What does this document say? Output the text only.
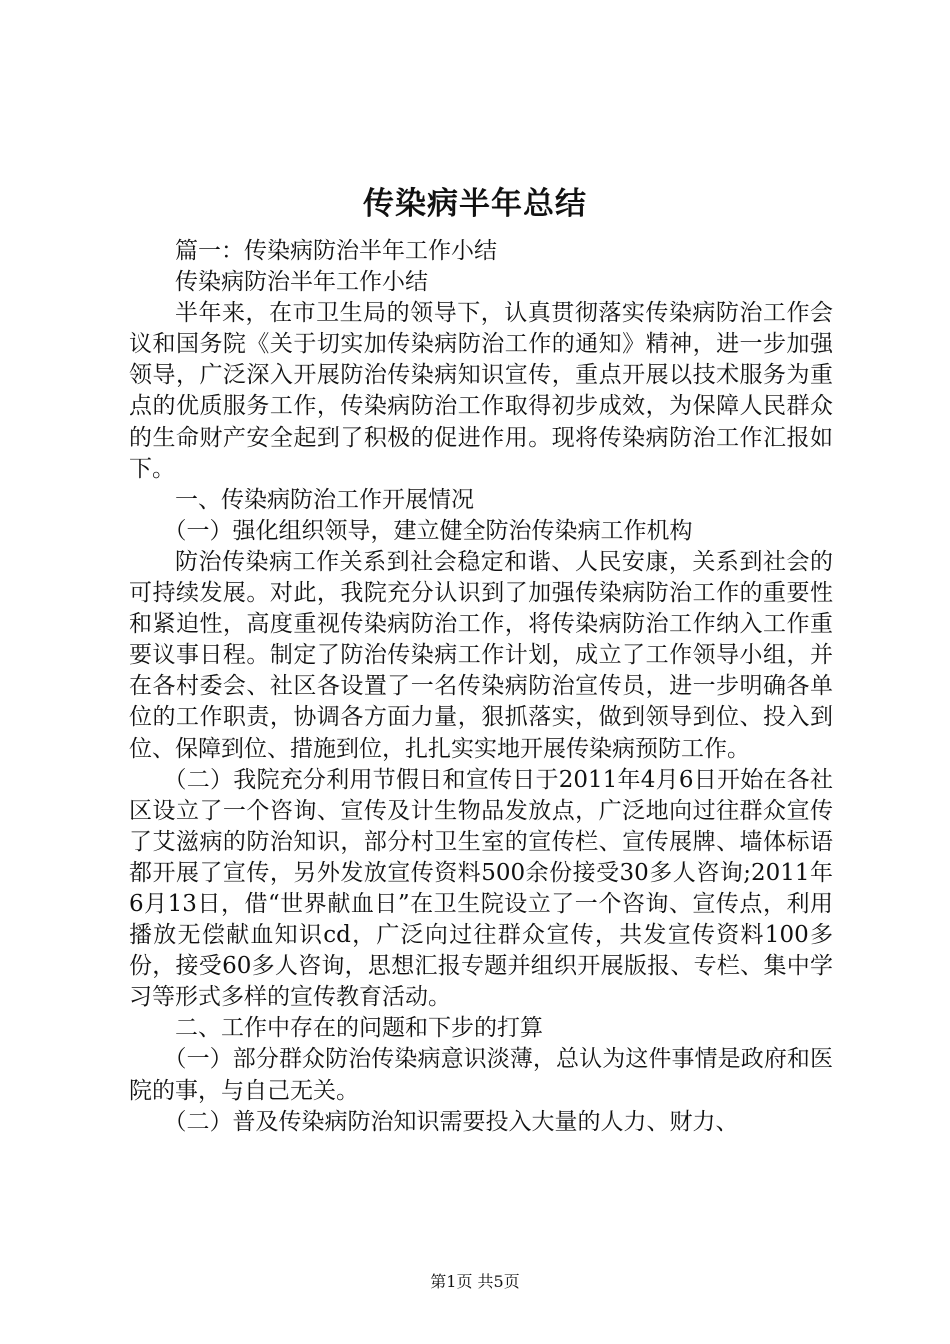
传染病半年总结

篇一：传染病防治半年工作小结

传染病防治半年工作小结

半年来，在市卫生局的领导下，认真贯彻落实传染病防治工作会议和国务院《关于切实加传染病防治工作的通知》精神，进一步加强领导，广泛深入开展防治传染病知识宣传，重点开展以技术服务为重点的优质服务工作，传染病防治工作取得初步成效，为保障人民群众的生命财产安全起到了积极的促进作用。现将传染病防治工作汇报如下。

一、传染病防治工作开展情况

（一）强化组织领导，建立健全防治传染病工作机构

防治传染病工作关系到社会稳定和谐、人民安康，关系到社会的可持续发展。对此，我院充分认识到了加强传染病防治工作的重要性和紧迫性，高度重视传染病防治工作，将传染病防治工作纳入工作重要议事日程。制定了防治传染病工作计划，成立了工作领导小组，并在各村委会、社区各设置了一名传染病防治宣传员，进一步明确各单位的工作职责，协调各方面力量，狠抓落实，做到领导到位、投入到位、保障到位、措施到位，扎扎实实地开展传染病预防工作。

（二）我院充分利用节假日和宣传日于2011年4月6日开始在各社区设立了一个咨询、宣传及计生物品发放点，广泛地向过往群众宣传了艾滋病的防治知识，部分村卫生室的宣传栏、宣传展牌、墙体标语都开展了宣传，另外发放宣传资料500余份接受30多人咨询;2011年6月13日，借“世界献血日”在卫生院设立了一个咨询、宣传点，利用播放无偿献血知识cd，广泛向过往群众宣传，共发宣传资料100多份，接受60多人咨询，思想汇报专题并组织开展版报、专栏、集中学习等形式多样的宣传教育活动。

二、工作中存在的问题和下步的打算

（一）部分群众防治传染病意识淡薄，总认为这件事情是政府和医院的事，与自己无关。

（二）普及传染病防治知识需要投入大量的人力、财力、

第1页 共5页
